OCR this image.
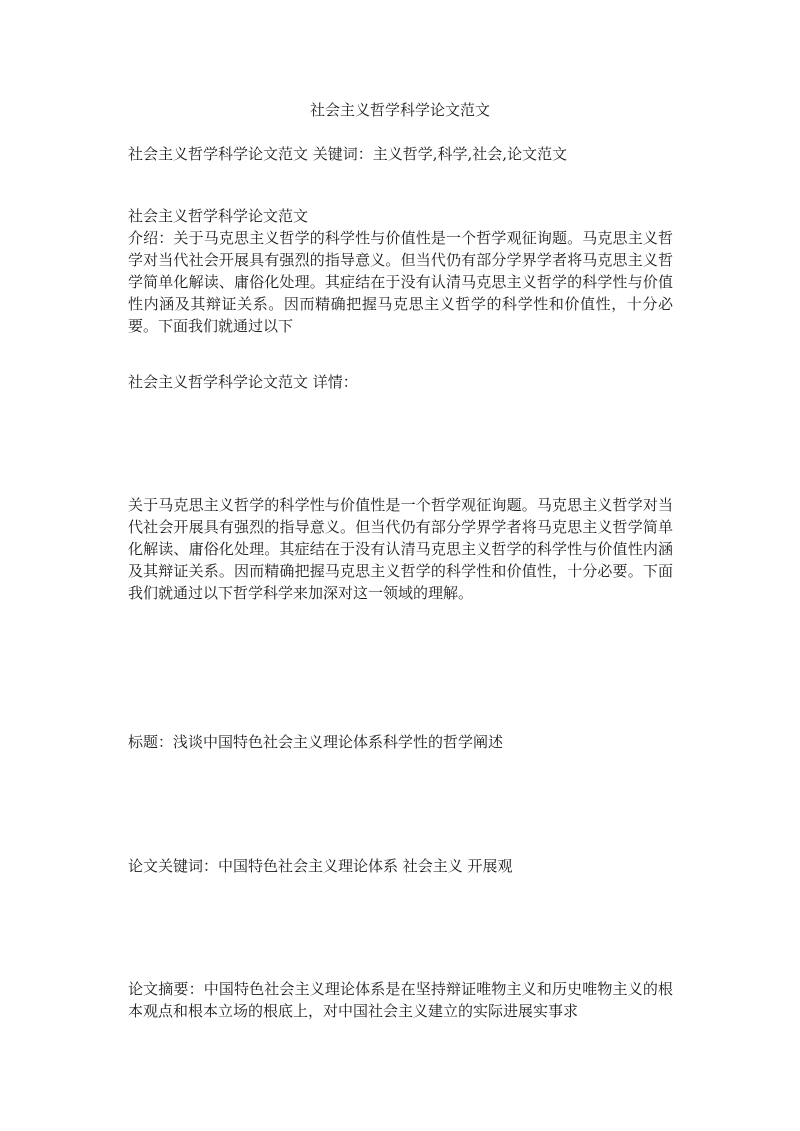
社会主义哲学科学论文范文
社会主义哲学科学论文范文 关键词：主义哲学,科学,社会,论文范文
社会主义哲学科学论文范文
介绍：关于马克思主义哲学的科学性与价值性是一个哲学观征询题。马克思主义哲学对当代社会开展具有强烈的指导意义。但当代仍有部分学界学者将马克思主义哲学简单化解读、庸俗化处理。其症结在于没有认清马克思主义哲学的科学性与价值性内涵及其辩证关系。因而精确把握马克思主义哲学的科学性和价值性，十分必要。下面我们就通过以下
社会主义哲学科学论文范文 详情：
关于马克思主义哲学的科学性与价值性是一个哲学观征询题。马克思主义哲学对当代社会开展具有强烈的指导意义。但当代仍有部分学界学者将马克思主义哲学简单化解读、庸俗化处理。其症结在于没有认清马克思主义哲学的科学性与价值性内涵及其辩证关系。因而精确把握马克思主义哲学的科学性和价值性，十分必要。下面我们就通过以下哲学科学来加深对这一领域的理解。
标题：浅谈中国特色社会主义理论体系科学性的哲学阐述
论文关键词：中国特色社会主义理论体系 社会主义 开展观
论文摘要：中国特色社会主义理论体系是在坚持辩证唯物主义和历史唯物主义的根本观点和根本立场的根底上，对中国社会主义建立的实际进展实事求
